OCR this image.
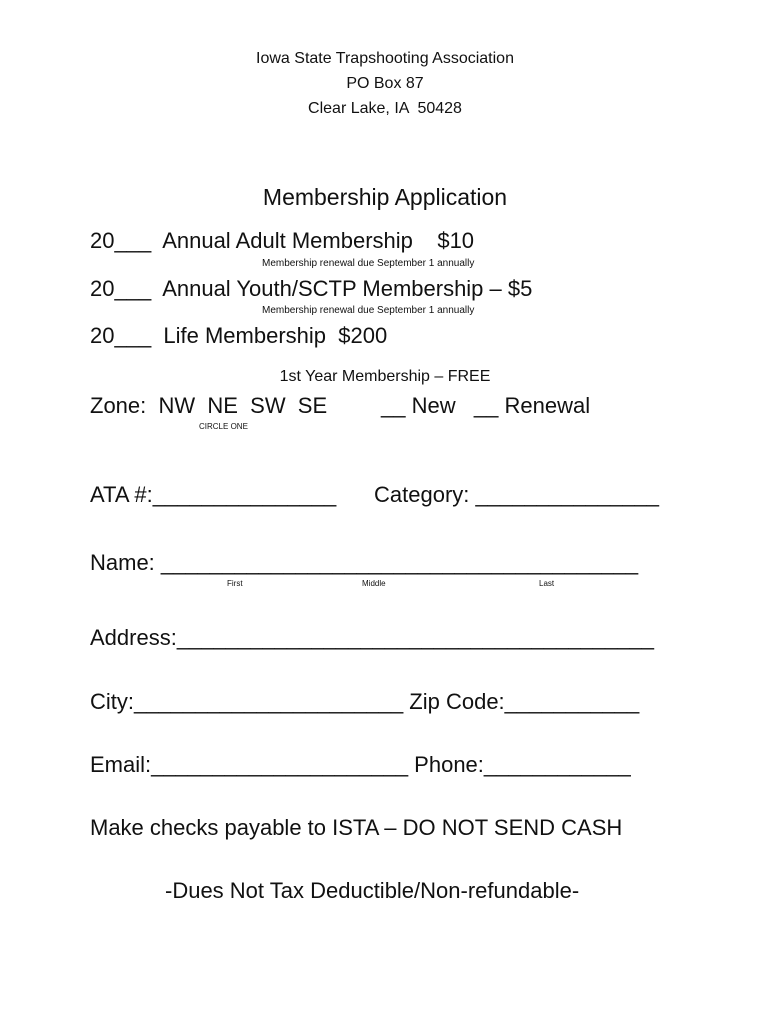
Iowa State Trapshooting Association
PO Box 87
Clear Lake, IA  50428
Membership Application
20___  Annual Adult Membership    $10
Membership renewal due September 1 annually
20___  Annual Youth/SCTP Membership – $5
Membership renewal due September 1 annually
20___  Life Membership  $200
1st Year Membership – FREE
Zone:  NW  NE  SW  SE
CIRCLE ONE
__ New   __ Renewal
ATA #:_______________ Category: _______________
Name: _______________________________________
First	Middle	Last
Address:_______________________________________
City:______________________ Zip Code:___________
Email:_____________________ Phone:____________
Make checks payable to ISTA – DO NOT SEND CASH
-Dues Not Tax Deductible/Non-refundable-
